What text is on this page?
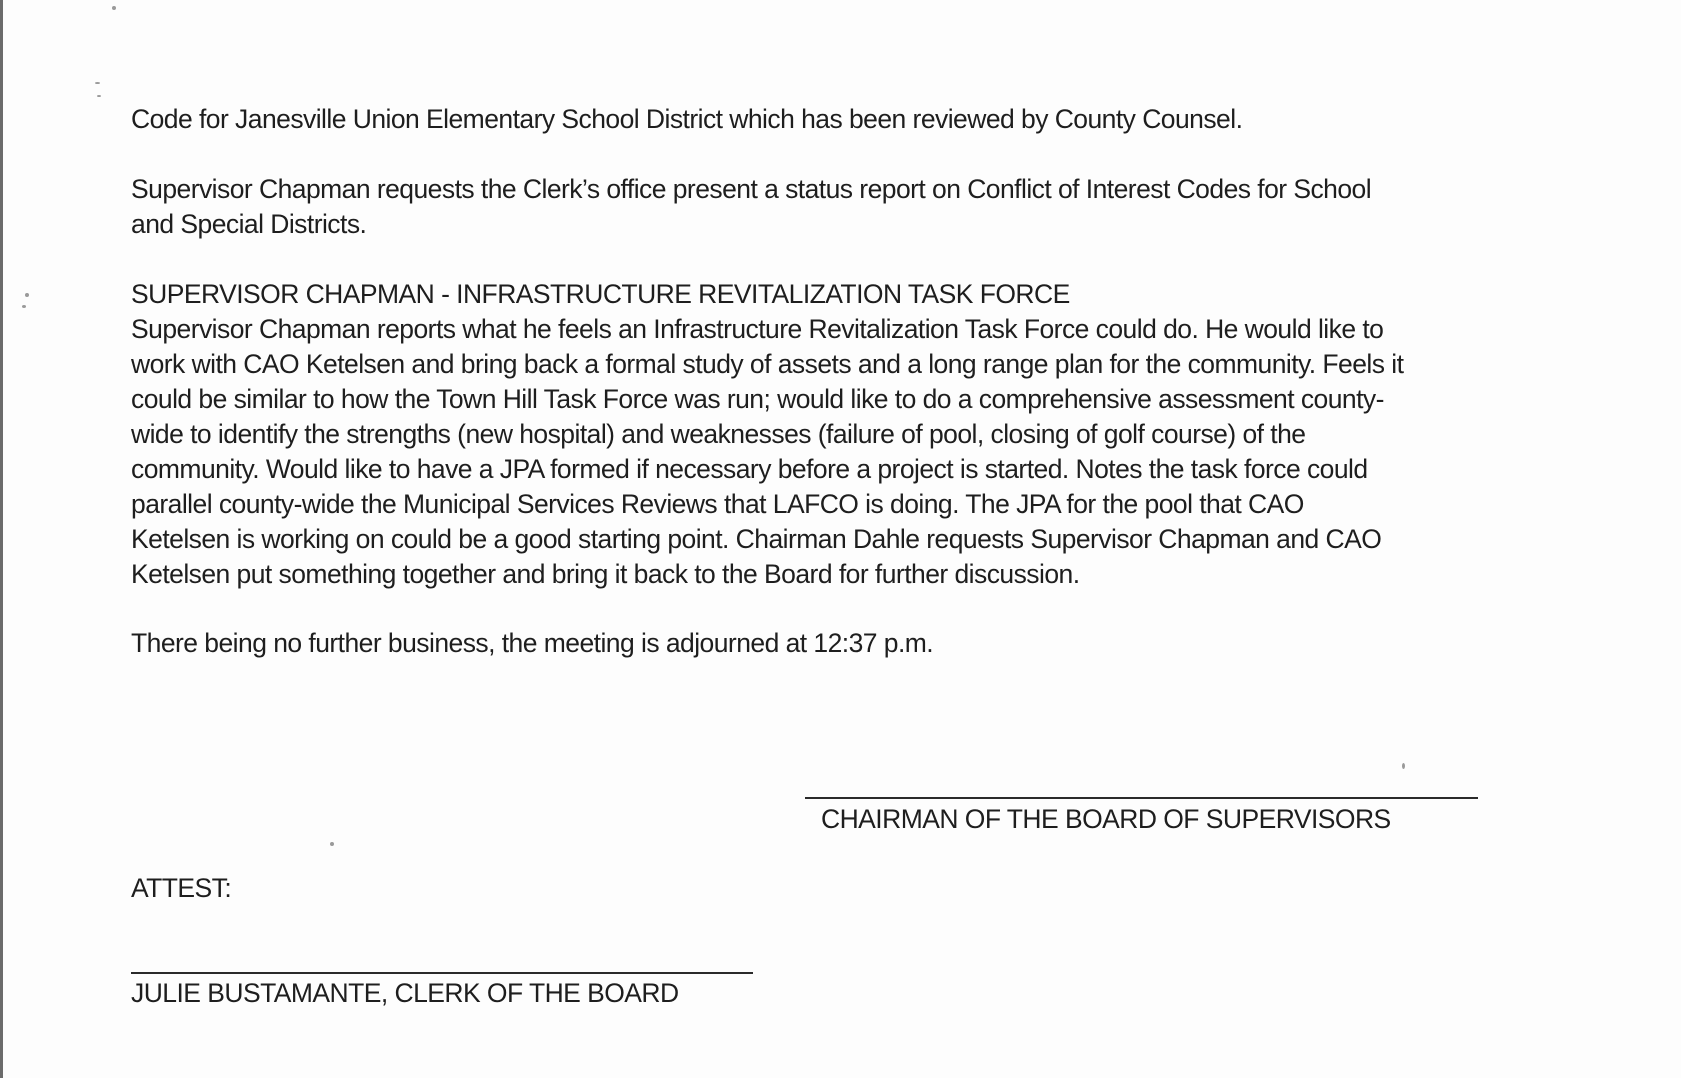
Code for Janesville Union Elementary School District which has been reviewed by County Counsel.
Supervisor Chapman requests the Clerk’s office present a status report on Conflict of Interest Codes for School
and Special Districts.
SUPERVISOR CHAPMAN - INFRASTRUCTURE REVITALIZATION TASK FORCE
Supervisor Chapman reports what he feels an Infrastructure Revitalization Task Force could do. He would like to
work with CAO Ketelsen and bring back a formal study of assets and a long range plan for the community. Feels it
could be similar to how the Town Hill Task Force was run; would like to do a comprehensive assessment county-
wide to identify the strengths (new hospital) and weaknesses (failure of pool, closing of golf course) of the
community. Would like to have a JPA formed if necessary before a project is started. Notes the task force could
parallel county-wide the Municipal Services Reviews that LAFCO is doing. The JPA for the pool that CAO
Ketelsen is working on could be a good starting point. Chairman Dahle requests Supervisor Chapman and CAO
Ketelsen put something together and bring it back to the Board for further discussion.
There being no further business, the meeting is adjourned at 12:37 p.m.
CHAIRMAN OF THE BOARD OF SUPERVISORS
ATTEST:
JULIE BUSTAMANTE, CLERK OF THE BOARD
